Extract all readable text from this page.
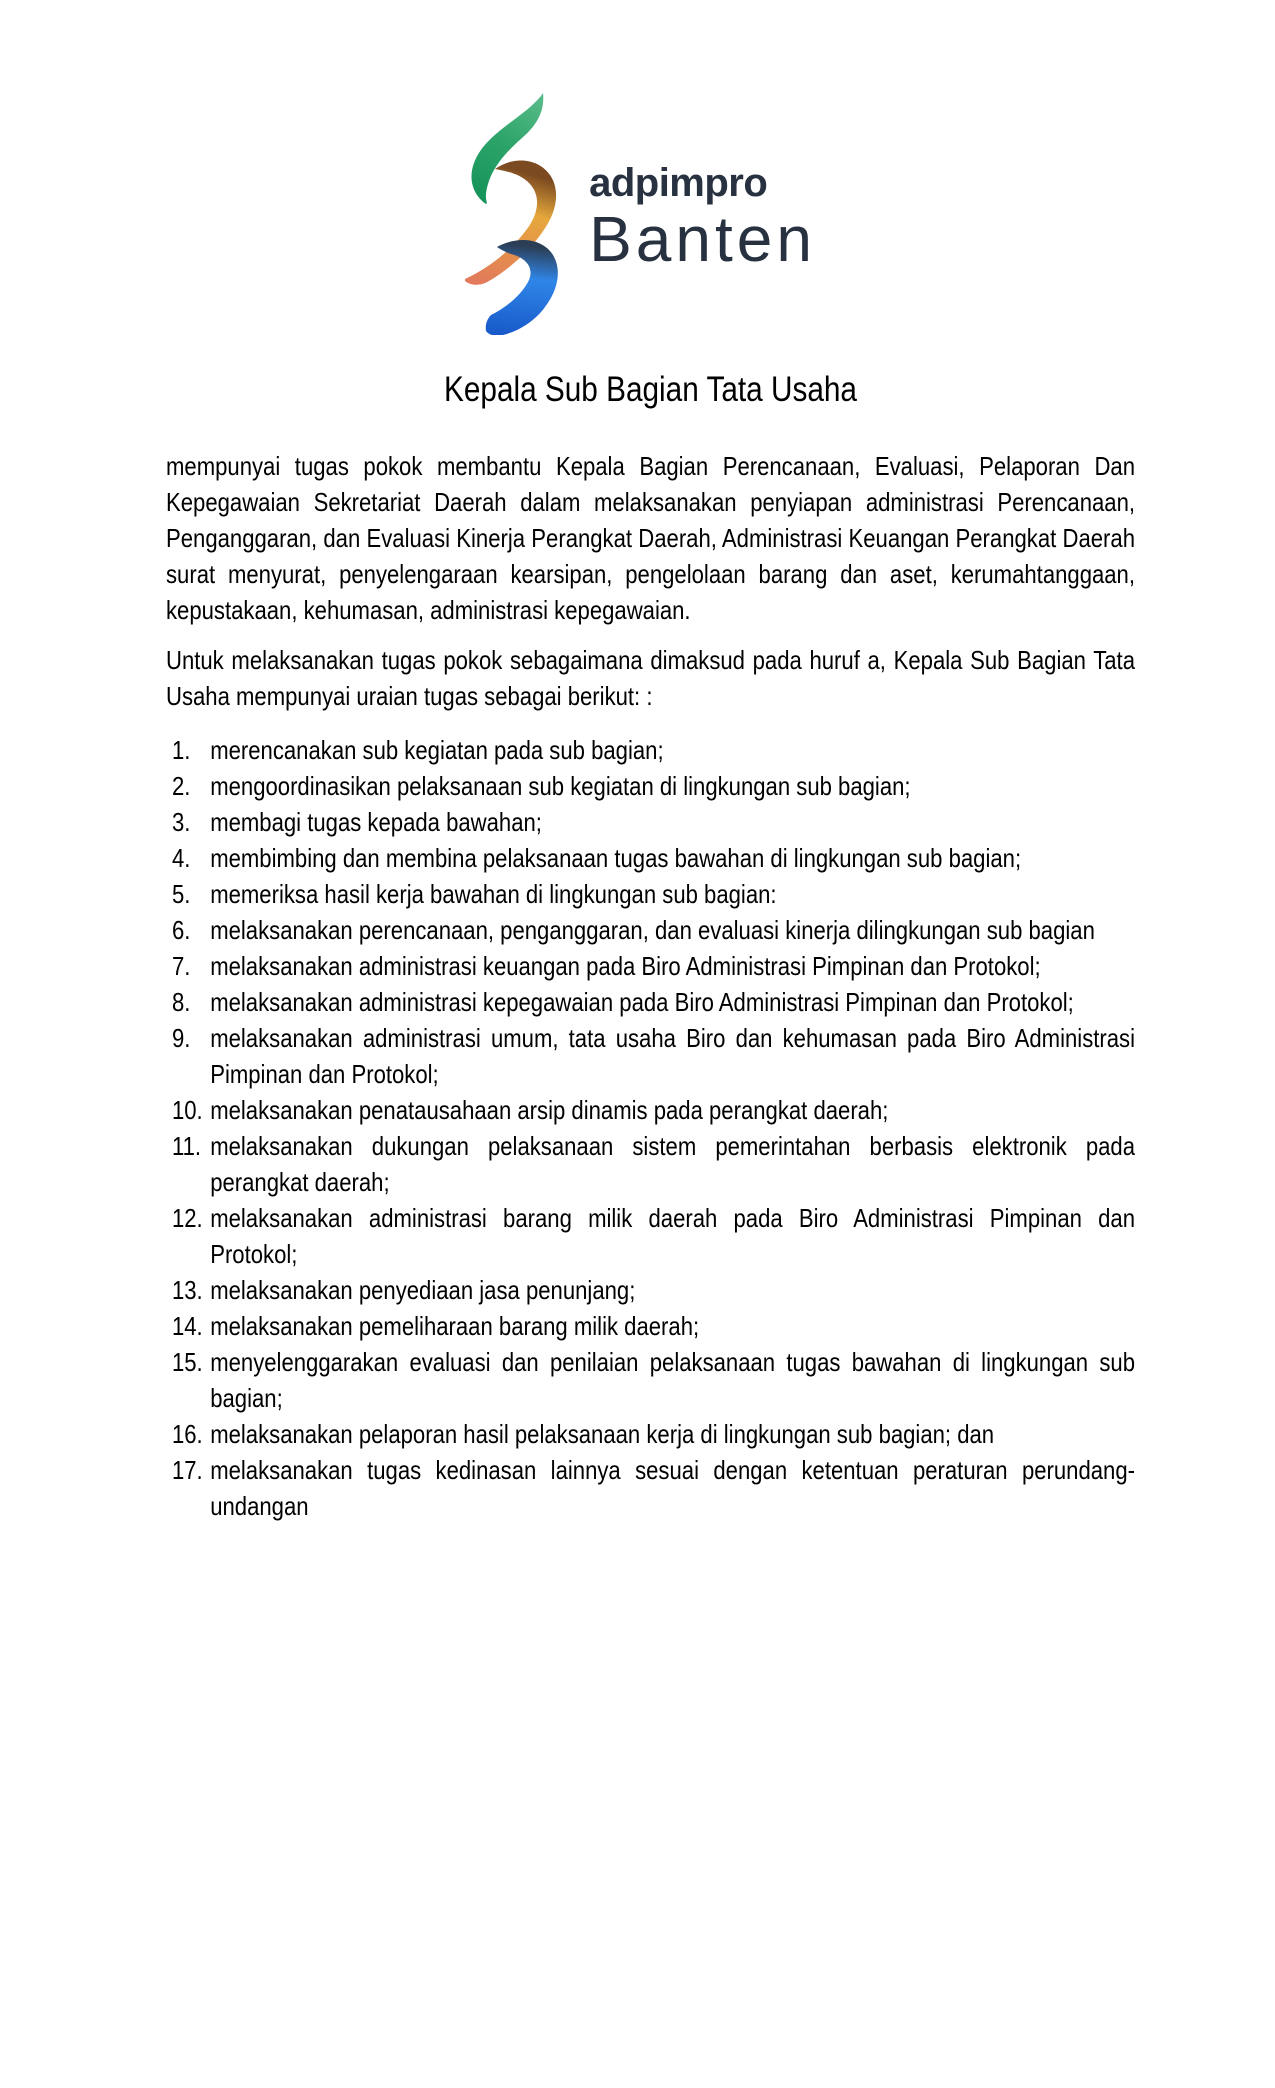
adpimpro
Banten
Kepala Sub Bagian Tata Usaha

mempunyai tugas pokok membantu Kepala Bagian Perencanaan, Evaluasi, Pelaporan Dan Kepegawaian Sekretariat Daerah dalam melaksanakan penyiapan administrasi Perencanaan, Penganggaran, dan Evaluasi Kinerja Perangkat Daerah, Administrasi Keuangan Perangkat Daerah surat menyurat, penyelengaraan kearsipan, pengelolaan barang dan aset, kerumahtanggaan, kepustakaan, kehumasan, administrasi kepegawaian.

Untuk melaksanakan tugas pokok sebagaimana dimaksud pada huruf a, Kepala Sub Bagian Tata Usaha mempunyai uraian tugas sebagai berikut: :

1. merencanakan sub kegiatan pada sub bagian;
2. mengoordinasikan pelaksanaan sub kegiatan di lingkungan sub bagian;
3. membagi tugas kepada bawahan;
4. membimbing dan membina pelaksanaan tugas bawahan di lingkungan sub bagian;
5. memeriksa hasil kerja bawahan di lingkungan sub bagian:
6. melaksanakan perencanaan, penganggaran, dan evaluasi kinerja dilingkungan sub bagian
7. melaksanakan administrasi keuangan pada Biro Administrasi Pimpinan dan Protokol;
8. melaksanakan administrasi kepegawaian pada Biro Administrasi Pimpinan dan Protokol;
9. melaksanakan administrasi umum, tata usaha Biro dan kehumasan pada Biro Administrasi Pimpinan dan Protokol;
10. melaksanakan penatausahaan arsip dinamis pada perangkat daerah;
11. melaksanakan dukungan pelaksanaan sistem pemerintahan berbasis elektronik pada perangkat daerah;
12. melaksanakan administrasi barang milik daerah pada Biro Administrasi Pimpinan dan Protokol;
13. melaksanakan penyediaan jasa penunjang;
14. melaksanakan pemeliharaan barang milik daerah;
15. menyelenggarakan evaluasi dan penilaian pelaksanaan tugas bawahan di lingkungan sub bagian;
16. melaksanakan pelaporan hasil pelaksanaan kerja di lingkungan sub bagian; dan
17. melaksanakan tugas kedinasan lainnya sesuai dengan ketentuan peraturan perundang-undangan
